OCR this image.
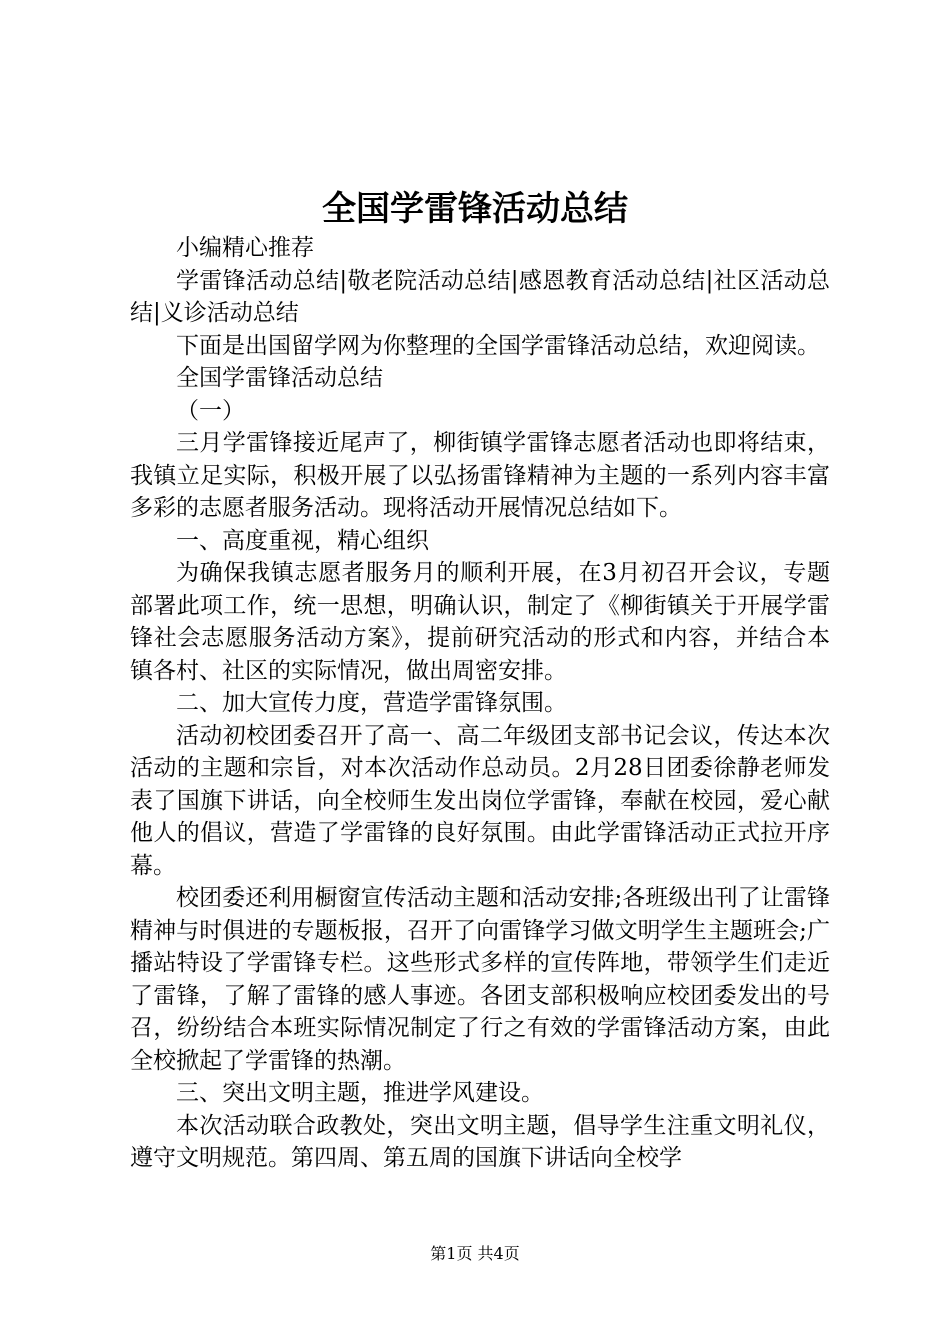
全国学雷锋活动总结

小编精心推荐

学雷锋活动总结|敬老院活动总结|感恩教育活动总结|社区活动总结|义诊活动总结

下面是出国留学网为你整理的全国学雷锋活动总结，欢迎阅读。

全国学雷锋活动总结

（一）

三月学雷锋接近尾声了，柳街镇学雷锋志愿者活动也即将结束，我镇立足实际，积极开展了以弘扬雷锋精神为主题的一系列内容丰富多彩的志愿者服务活动。现将活动开展情况总结如下。

一、高度重视，精心组织

为确保我镇志愿者服务月的顺利开展，在3月初召开会议，专题部署此项工作，统一思想，明确认识，制定了《柳街镇关于开展学雷锋社会志愿服务活动方案》，提前研究活动的形式和内容，并结合本镇各村、社区的实际情况，做出周密安排。

二、加大宣传力度，营造学雷锋氛围。

活动初校团委召开了高一、高二年级团支部书记会议，传达本次活动的主题和宗旨，对本次活动作总动员。2月28日团委徐静老师发表了国旗下讲话，向全校师生发出岗位学雷锋，奉献在校园，爱心献他人的倡议，营造了学雷锋的良好氛围。由此学雷锋活动正式拉开序幕。

校团委还利用橱窗宣传活动主题和活动安排;各班级出刊了让雷锋精神与时俱进的专题板报，召开了向雷锋学习做文明学生主题班会;广播站特设了学雷锋专栏。这些形式多样的宣传阵地，带领学生们走近了雷锋，了解了雷锋的感人事迹。各团支部积极响应校团委发出的号召，纷纷结合本班实际情况制定了行之有效的学雷锋活动方案，由此全校掀起了学雷锋的热潮。

三、突出文明主题，推进学风建设。

本次活动联合政教处，突出文明主题，倡导学生注重文明礼仪，遵守文明规范。第四周、第五周的国旗下讲话向全校学

第1页 共4页
